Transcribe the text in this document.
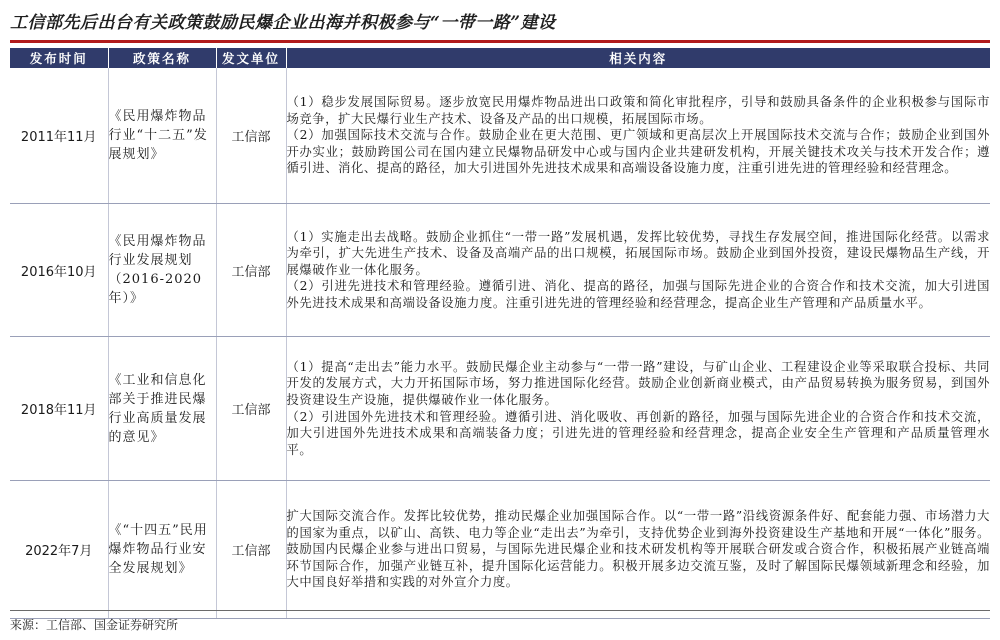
工信部先后出台有关政策鼓励民爆企业出海并积极参与“一带一路”建设
发布时间	政策名称	发文单位	相关内容
2011年11月	《民用爆炸物品行业“十二五”发展规划》	工信部	（1）稳步发展国际贸易。逐步放宽民用爆炸物品进出口政策和简化审批程序，引导和鼓励具备条件的企业积极参与国际市场竞争，扩大民爆行业生产技术、设备及产品的出口规模，拓展国际市场。

（2）加强国际技术交流与合作。鼓励企业在更大范围、更广领域和更高层次上开展国际技术交流与合作；鼓励企业到国外开办实业；鼓励跨国公司在国内建立民爆物品研发中心或与国内企业共建研发机构，开展关键技术攻关与技术开发合作；遵循引进、消化、提高的路径，加大引进国外先进技术成果和高端设备设施力度，注重引进先进的管理经验和经营理念。

2016年10月	《民用爆炸物品行业发展规划（2016-2020年）》	工信部	（1）实施走出去战略。鼓励企业抓住“一带一路”发展机遇，发挥比较优势，寻找生存发展空间，推进国际化经营。以需求为牵引，扩大先进生产技术、设备及高端产品的出口规模，拓展国际市场。鼓励企业到国外投资，建设民爆物品生产线，开展爆破作业一体化服务。

（2）引进先进技术和管理经验。遵循引进、消化、提高的路径，加强与国际先进企业的合资合作和技术交流，加大引进国外先进技术成果和高端设备设施力度。注重引进先进的管理经验和经营理念，提高企业生产管理和产品质量水平。

2018年11月	《工业和信息化部关于推进民爆行业高质量发展的意见》	工信部	（1）提高“走出去”能力水平。鼓励民爆企业主动参与“一带一路”建设，与矿山企业、工程建设企业等采取联合投标、共同开发的发展方式，大力开拓国际市场，努力推进国际化经营。鼓励企业创新商业模式，由产品贸易转换为服务贸易，到国外投资建设生产设施，提供爆破作业一体化服务。

（2）引进国外先进技术和管理经验。遵循引进、消化吸收、再创新的路径，加强与国际先进企业的合资合作和技术交流，加大引进国外先进技术成果和高端装备力度；引进先进的管理经验和经营理念，提高企业安全生产管理和产品质量管理水平。

2022年7月	《“十四五”民用爆炸物品行业安全发展规划》	工信部	扩大国际交流合作。发挥比较优势，推动民爆企业加强国际合作。以“一带一路”沿线资源条件好、配套能力强、市场潜力大的国家为重点，以矿山、高铁、电力等企业“走出去”为牵引，支持优势企业到海外投资建设生产基地和开展“一体化”服务。鼓励国内民爆企业参与进出口贸易，与国际先进民爆企业和技术研发机构等开展联合研发或合资合作，积极拓展产业链高端环节国际合作，加强产业链互补，提升国际化运营能力。积极开展多边交流互鉴，及时了解国际民爆领域新理念和经验，加大中国良好举措和实践的对外宣介力度。

来源：工信部、国金证券研究所
